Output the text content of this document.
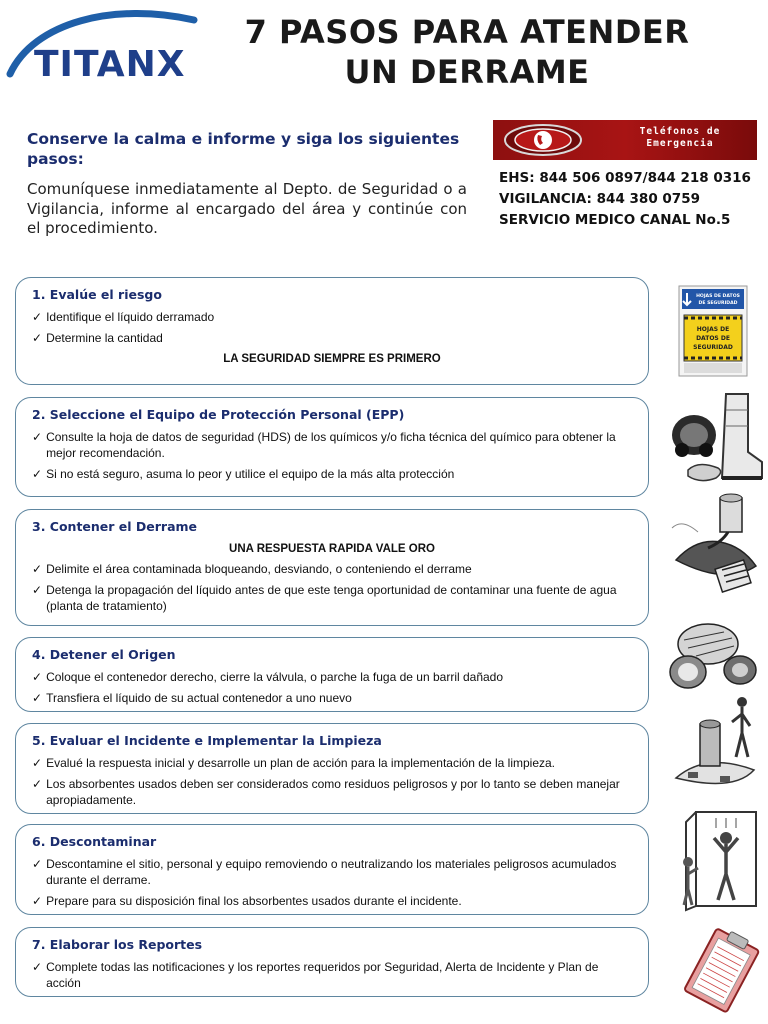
TITANX
7 PASOS PARA ATENDER
UN DERRAME
Conserve la calma e informe y siga los siguientes pasos:
Comuníquese inmediatamente al Depto. de Seguridad o a Vigilancia, informe al encargado del área y continúe con el procedimiento.
Teléfonos de
Emergencia
EHS: 844 506 0897/844 218 0316
VIGILANCIA: 844 380 0759
SERVICIO MEDICO CANAL No.5
1. Evalúe el riesgo
✓ Identifique el líquido derramado
✓ Determine la cantidad
LA SEGURIDAD SIEMPRE ES PRIMERO
2. Seleccione el Equipo de Protección Personal (EPP)
✓ Consulte la hoja de datos de seguridad (HDS) de los químicos y/o ficha técnica del químico para obtener la mejor recomendación.
✓ Si no está seguro, asuma lo peor y utilice el equipo de la más alta protección
3. Contener el Derrame
UNA RESPUESTA RAPIDA VALE ORO
✓ Delimite el área contaminada bloqueando, desviando, o conteniendo el derrame
✓ Detenga la propagación del líquido antes de que este tenga oportunidad de contaminar una fuente de agua (planta de tratamiento)
4. Detener el Origen
✓ Coloque el contenedor derecho, cierre la válvula, o parche la fuga de un barril dañado
✓ Transfiera el líquido de su actual contenedor a uno nuevo
5. Evaluar el Incidente e Implementar la Limpieza
✓ Evalué la respuesta inicial y desarrolle un plan de acción para la implementación de la limpieza.
✓ Los absorbentes usados deben ser considerados como residuos peligrosos y por lo tanto se deben manejar apropiadamente.
6. Descontaminar
✓ Descontamine el sitio, personal y equipo removiendo o neutralizando los materiales peligrosos acumulados durante el derrame.
✓ Prepare para su disposición final los absorbentes usados durante el incidente.
7. Elaborar los Reportes
✓ Complete todas las notificaciones y los reportes requeridos por Seguridad, Alerta de Incidente y Plan de acción
HOJAS DE DATOS
DE SEGURIDAD
HOJAS DE
DATOS DE
SEGURIDAD
